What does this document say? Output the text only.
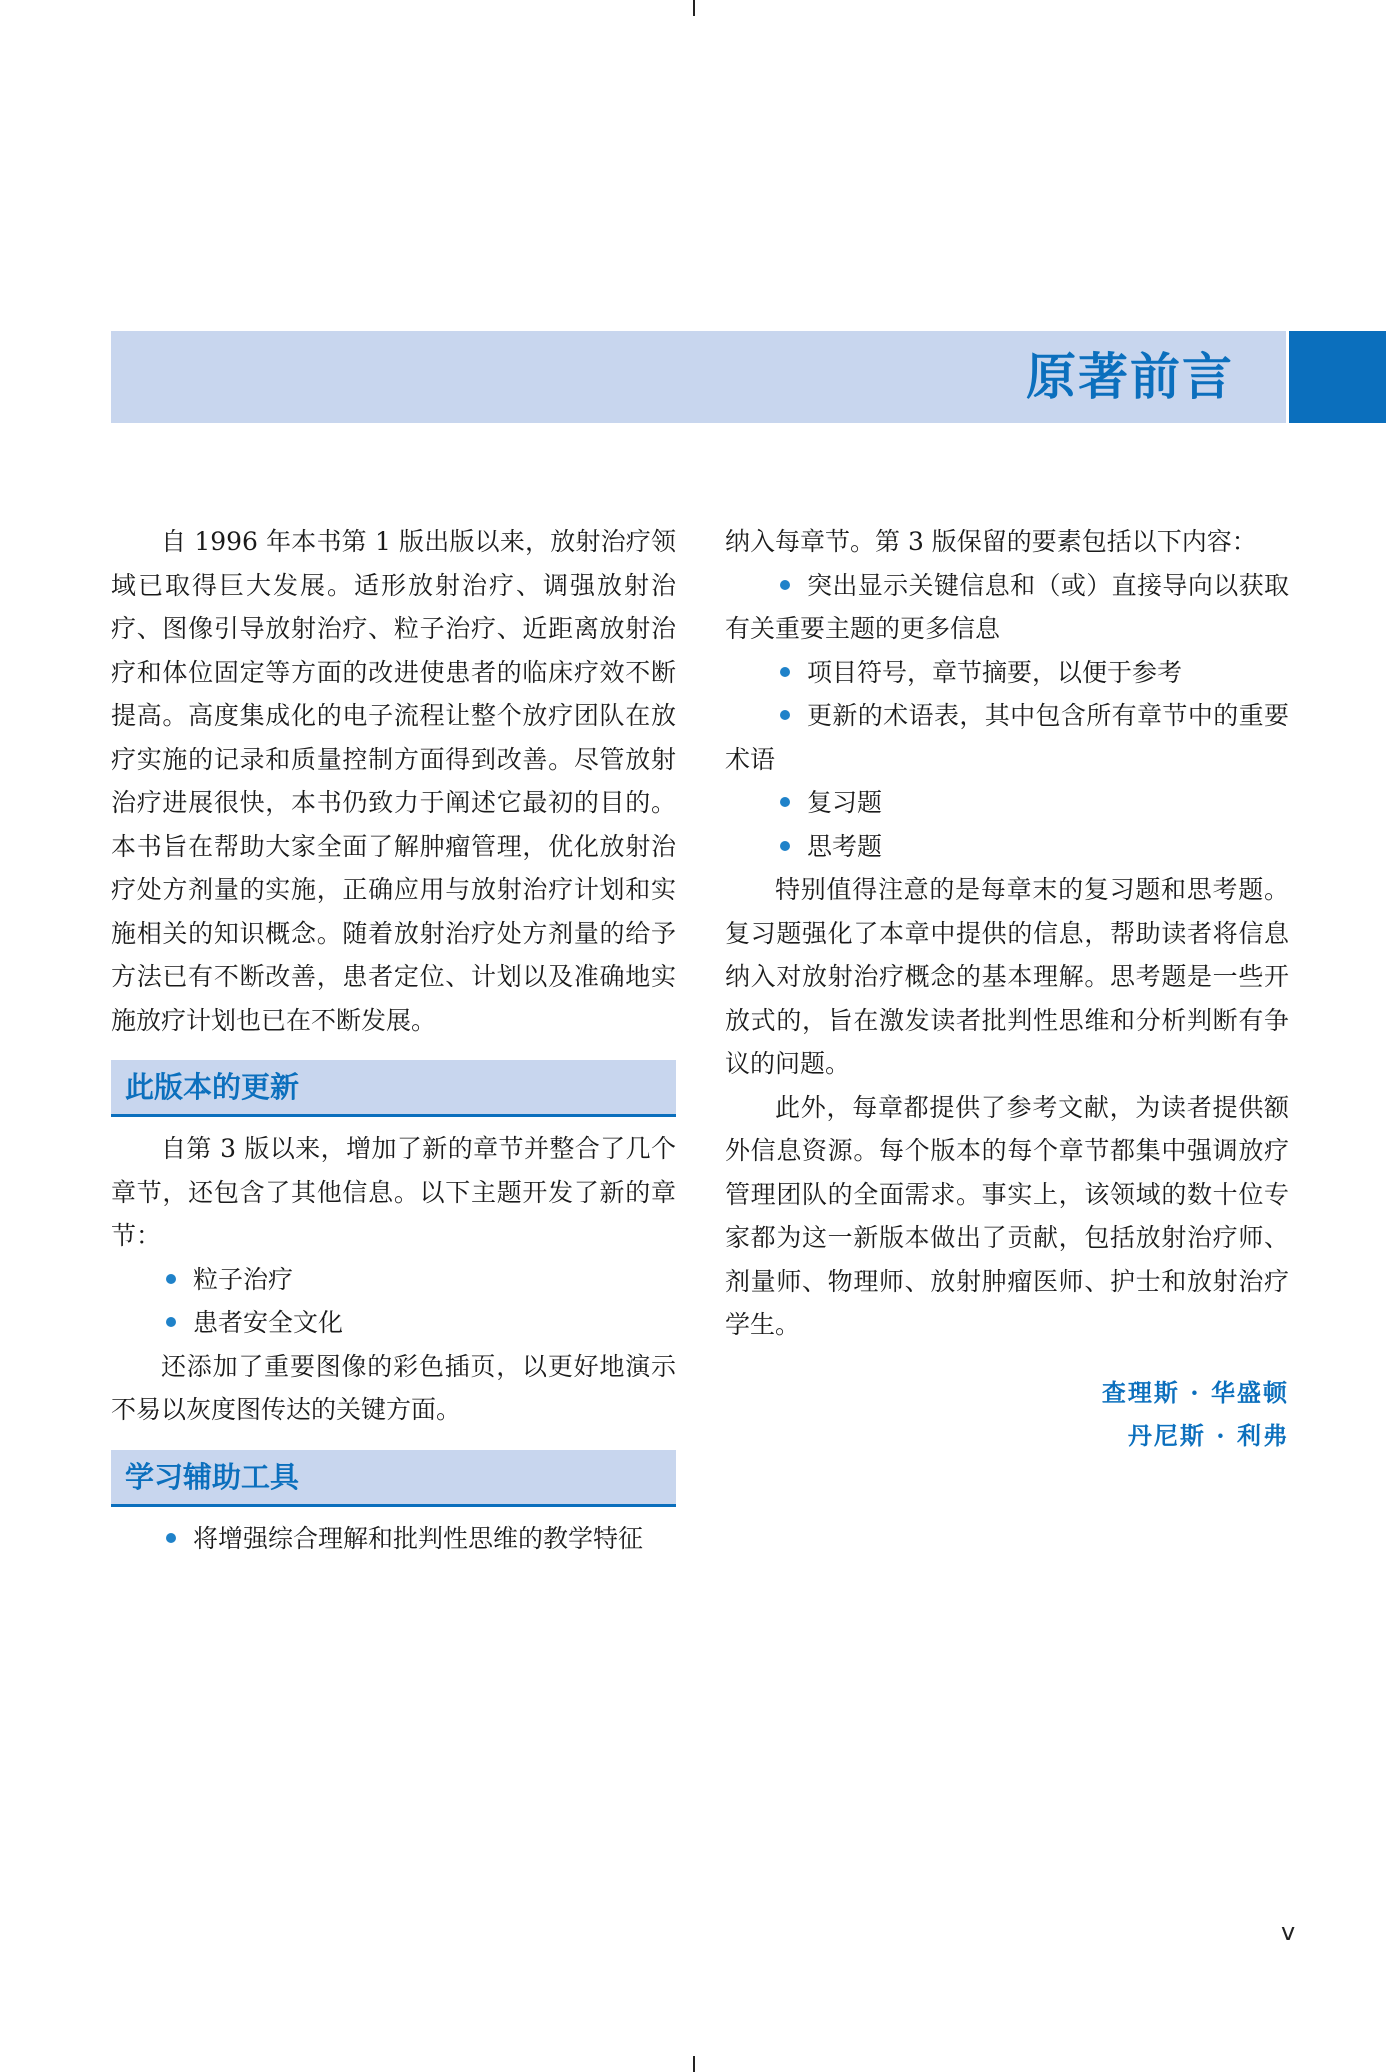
原著前言

自 1996 年本书第 1 版出版以来，放射治疗领域已取得巨大发展。适形放射治疗、调强放射治疗、图像引导放射治疗、粒子治疗、近距离放射治疗和体位固定等方面的改进使患者的临床疗效不断提高。高度集成化的电子流程让整个放疗团队在放疗实施的记录和质量控制方面得到改善。尽管放射治疗进展很快，本书仍致力于阐述它最初的目的。本书旨在帮助大家全面了解肿瘤管理，优化放射治疗处方剂量的实施，正确应用与放射治疗计划和实施相关的知识概念。随着放射治疗处方剂量的给予方法已有不断改善，患者定位、计划以及准确地实施放疗计划也已在不断发展。

此版本的更新

自第 3 版以来，增加了新的章节并整合了几个章节，还包含了其他信息。以下主题开发了新的章节：

粒子治疗
患者安全文化

还添加了重要图像的彩色插页，以更好地演示不易以灰度图传达的关键方面。

学习辅助工具
将增强综合理解和批判性思维的教学特征

纳入每章节。第 3 版保留的要素包括以下内容：

突出显示关键信息和（或）直接导向以获取有关重要主题的更多信息
项目符号，章节摘要，以便于参考
更新的术语表，其中包含所有章节中的重要术语
复习题
思考题

特别值得注意的是每章末的复习题和思考题。复习题强化了本章中提供的信息，帮助读者将信息纳入对放射治疗概念的基本理解。思考题是一些开放式的，旨在激发读者批判性思维和分析判断有争议的问题。

此外，每章都提供了参考文献，为读者提供额外信息资源。每个版本的每个章节都集中强调放疗管理团队的全面需求。事实上，该领域的数十位专家都为这一新版本做出了贡献，包括放射治疗师、剂量师、物理师、放射肿瘤医师、护士和放射治疗学生。

查理斯 · 华盛顿
丹尼斯 · 利弗
v
